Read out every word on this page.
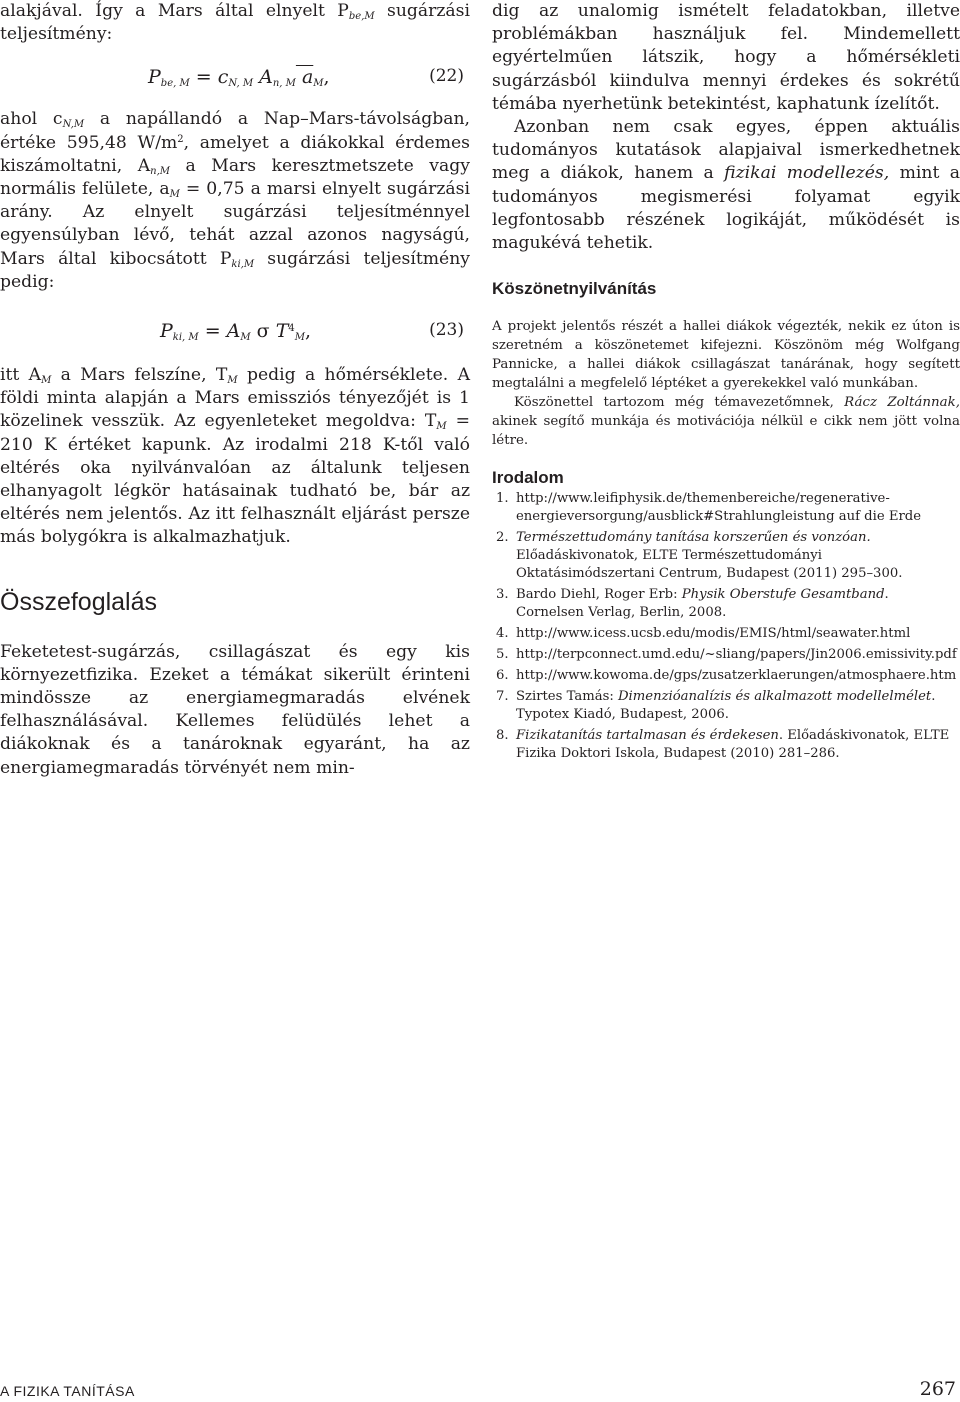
alakjával. Így a Mars által elnyelt $P_{be,M}$ sugárzási teljesítmény:

$P_{be, M} = c_{N, M}$ $A_{n, M}$ $a_M$,	(22)

ahol $c_{N,M}$ a napállandó a Nap–Mars-távolságban, értéke 595,48 $W/m^2$, amelyet a diákokkal érdemes kiszámoltatni, $A_{n,M}$ a Mars keresztmetszete vagy normális felülete, $a_M = 0,75$ a marsi elnyelt sugárzási arány. Az elnyelt sugárzási teljesítménnyel egyensúlyban lévő, tehát azzal azonos nagyságú, Mars által kibocsátott $P_{ki,M}$ sugárzási teljesítmény pedig:

$P_{ki, M} = A_M$ σ $T^4_M$,	(23)

itt $A_M$ a Mars felszíne, $T_M$ pedig a hőmérséklete. A földi minta alapján a Mars emissziós tényezőjét is 1 közelinek vesszük. Az egyenleteket megoldva: $T_M = 210$ K értéket kapunk. Az irodalmi 218 K-től való eltérés oka nyilvánvalóan az általunk teljesen elhanyagolt légkör hatásainak tudható be, bár az eltérés nem jelentős. Az itt felhasznált eljárást persze más bolygókra is alkalmazhatjuk.

Összefoglalás

Feketetest-sugárzás, csillagászat és egy kis környezetfizika. Ezeket a témákat sikerült érinteni mindössze az energiamegmaradás elvének felhasználásával. Kellemes felüdülés lehet a diákoknak és a tanároknak egyaránt, ha az energiamegmaradás törvényét nem min-

dig az unalomig ismételt feladatokban, illetve problémákban használjuk fel. Mindemellett egyértelműen látszik, hogy a hőmérsékleti sugárzásból kiindulva mennyi érdekes és sokrétű témába nyerhetünk betekintést, kaphatunk ízelítőt.

Azonban nem csak egyes, éppen aktuális tudományos kutatások alapjaival ismerkedhetnek meg a diákok, hanem a fizikai modellezés, mint a tudományos megismerési folyamat egyik legfontosabb részének logikáját, működését is magukévá tehetik.

Köszönetnyilvánítás

A projekt jelentős részét a hallei diákok végezték, nekik ez úton is szeretném a köszönetemet kifejezni. Köszönöm még Wolfgang Pannicke, a hallei diákok csillagászat tanárának, hogy segített megtalálni a megfelelő léptéket a gyerekekkel való munkában.

Köszönettel tartozom még témavezetőmnek, Rácz Zoltánnak, akinek segítő munkája és motivációja nélkül e cikk nem jött volna létre.

Irodalom
1. http://www.leifiphysik.de/themenbereiche/regenerative-energieversorgung/ausblick#Strahlungleistung auf die Erde
2. Természettudomány tanítása korszerűen és vonzóan. Előadáskivonatok, ELTE Természettudományi Oktatásimódszertani Centrum, Budapest (2011) 295–300.
3. Bardo Diehl, Roger Erb: Physik Oberstufe Gesamtband. Cornelsen Verlag, Berlin, 2008.
4. http://www.icess.ucsb.edu/modis/EMIS/html/seawater.html
5. http://terpconnect.umd.edu/~sliang/papers/Jin2006.emissivity.pdf
6. http://www.kowoma.de/gps/zusatzerklaerungen/atmosphaere.htm
7. Szirtes Tamás: Dimenzióanalízis és alkalmazott modellelmélet. Typotex Kiadó, Budapest, 2006.
8. Fizikatanítás tartalmasan és érdekesen. Előadáskivonatok, ELTE Fizika Doktori Iskola, Budapest (2010) 281–286.
A FIZIKA TANÍTÁSA	267
